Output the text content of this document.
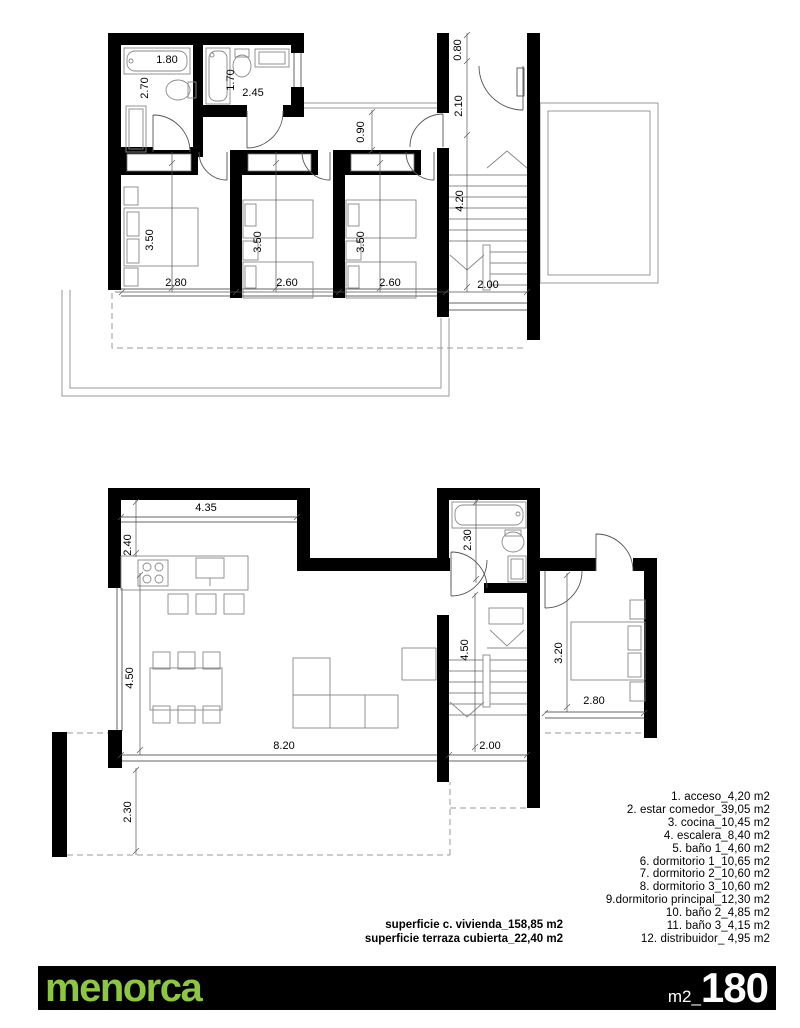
1.80
2.70	1.70
2.45
0.90
0.80
2.10
4.20
2.00
3.50	3.50	3.50
2.80	2.60	2.60
4.35
2.40	2.30
4.50
8.20
4.50
2.00
3.20
2.80
2.30
1. acceso_4,20 m2
2. estar comedor_39,05 m2
3. cocina_10,45 m2
4. escalera_8,40 m2
5. baño 1_4,60 m2
6. dormitorio 1_10,65 m2
7. dormitorio 2_10,60 m2
8. dormitorio 3_10,60 m2
9.dormitorio principal_12,30 m2
10. baño 2_4,85 m2
11. baño 3_4,15 m2
12. distribuidor_ 4,95 m2
superficie c. vivienda_158,85 m2
superficie terraza cubierta_22,40 m2
menorca	m2_ 180
